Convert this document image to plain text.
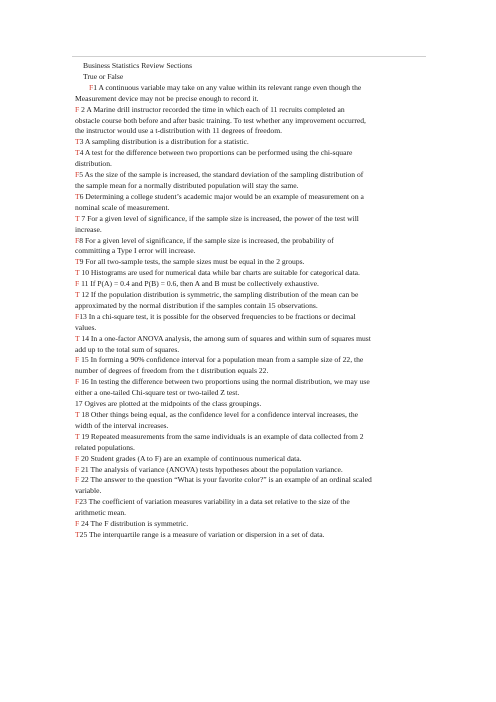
Business Statistics Review Sections
True or False
F1 A continuous variable may take on any value within its relevant range even though the
Measurement device may not be precise enough to record it.
F 2 A Marine drill instructor recorded the time in which each of 11 recruits completed an
obstacle course both before and after basic training. To test whether any improvement occurred,
the instructor would use a t-distribution with 11 degrees of freedom.
T3 A sampling distribution is a distribution for a statistic.
T4 A test for the difference between two proportions can be performed using the chi-square
distribution.
F5 As the size of the sample is increased, the standard deviation of the sampling distribution of
the sample mean for a normally distributed population will stay the same.
T6 Determining a college student’s academic major would be an example of measurement on a
nominal scale of measurement.
T 7 For a given level of significance, if the sample size is increased, the power of the test will
increase.
F8 For a given level of significance, if the sample size is increased, the probability of
committing a Type I error will increase.
T9 For all two-sample tests, the sample sizes must be equal in the 2 groups.
T 10 Histograms are used for numerical data while bar charts are suitable for categorical data.
F 11 If P(A) = 0.4 and P(B) = 0.6, then A and B must be collectively exhaustive.
T 12 If the population distribution is symmetric, the sampling distribution of the mean can be
approximated by the normal distribution if the samples contain 15 observations.
F13 In a chi-square test, it is possible for the observed frequencies to be fractions or decimal
values.
T 14 In a one-factor ANOVA analysis, the among sum of squares and within sum of squares must
add up to the total sum of squares.
F 15 In forming a 90% confidence interval for a population mean from a sample size of 22, the
number of degrees of freedom from the t distribution equals 22.
F 16 In testing the difference between two proportions using the normal distribution, we may use
either a one-tailed Chi-square test or two-tailed Z test.
17 Ogives are plotted at the midpoints of the class groupings.
T 18 Other things being equal, as the confidence level for a confidence interval increases, the
width of the interval increases.
T 19 Repeated measurements from the same individuals is an example of data collected from 2
related populations.
F 20 Student grades (A to F) are an example of continuous numerical data.
F 21 The analysis of variance (ANOVA) tests hypotheses about the population variance.
F 22 The answer to the question “What is your favorite color?” is an example of an ordinal scaled
variable.
F23 The coefficient of variation measures variability in a data set relative to the size of the
arithmetic mean.
F 24 The F distribution is symmetric.
T25 The interquartile range is a measure of variation or dispersion in a set of data.
